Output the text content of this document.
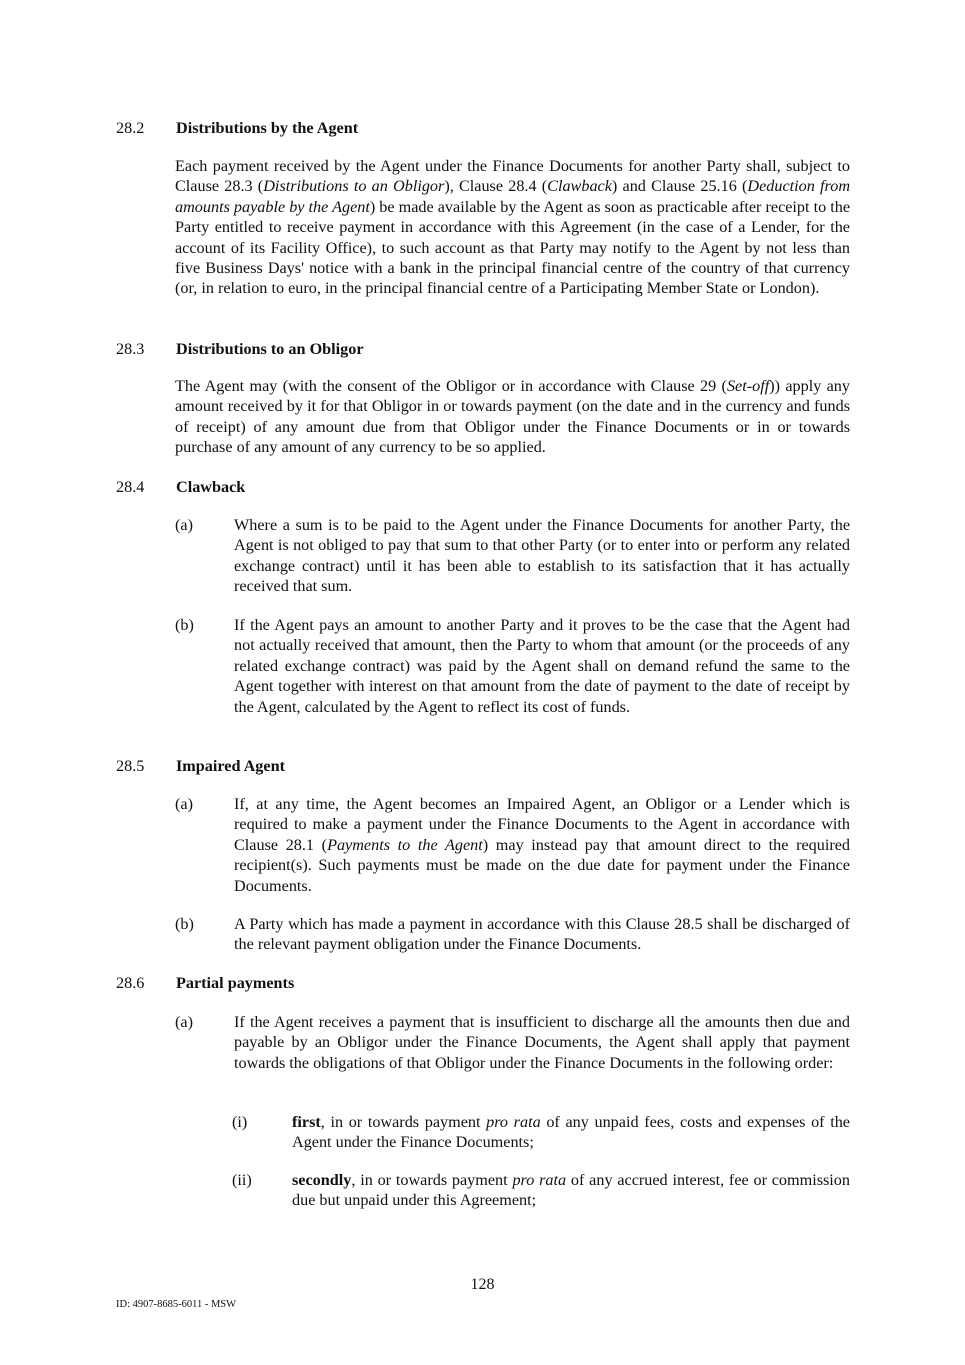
28.2 Distributions by the Agent
Each payment received by the Agent under the Finance Documents for another Party shall, subject to Clause 28.3 (Distributions to an Obligor), Clause 28.4 (Clawback) and Clause 25.16 (Deduction from amounts payable by the Agent) be made available by the Agent as soon as practicable after receipt to the Party entitled to receive payment in accordance with this Agreement (in the case of a Lender, for the account of its Facility Office), to such account as that Party may notify to the Agent by not less than five Business Days' notice with a bank in the principal financial centre of the country of that currency (or, in relation to euro, in the principal financial centre of a Participating Member State or London).
28.3 Distributions to an Obligor
The Agent may (with the consent of the Obligor or in accordance with Clause 29 (Set-off)) apply any amount received by it for that Obligor in or towards payment (on the date and in the currency and funds of receipt) of any amount due from that Obligor under the Finance Documents or in or towards purchase of any amount of any currency to be so applied.
28.4 Clawback
(a)	Where a sum is to be paid to the Agent under the Finance Documents for another Party, the Agent is not obliged to pay that sum to that other Party (or to enter into or perform any related exchange contract) until it has been able to establish to its satisfaction that it has actually received that sum.
(b) If the Agent pays an amount to another Party and it proves to be the case that the Agent had not actually received that amount, then the Party to whom that amount (or the proceeds of any related exchange contract) was paid by the Agent shall on demand refund the same to the Agent together with interest on that amount from the date of payment to the date of receipt by the Agent, calculated by the Agent to reflect its cost of funds.
28.5 Impaired Agent
(a)	If, at any time, the Agent becomes an Impaired Agent, an Obligor or a Lender which is required to make a payment under the Finance Documents to the Agent in accordance with Clause 28.1 (Payments to the Agent) may instead pay that amount direct to the required recipient(s). Such payments must be made on the due date for payment under the Finance Documents.
(b) A Party which has made a payment in accordance with this Clause 28.5 shall be discharged of the relevant payment obligation under the Finance Documents.
28.6 Partial payments
(a)	If the Agent receives a payment that is insufficient to discharge all the amounts then due and payable by an Obligor under the Finance Documents, the Agent shall apply that payment towards the obligations of that Obligor under the Finance Documents in the following order:
(i)	first, in or towards payment pro rata of any unpaid fees, costs and expenses of the Agent under the Finance Documents;
(ii) secondly, in or towards payment pro rata of any accrued interest, fee or commission due but unpaid under this Agreement;
128
ID: 4907-8685-6011 - MSW
